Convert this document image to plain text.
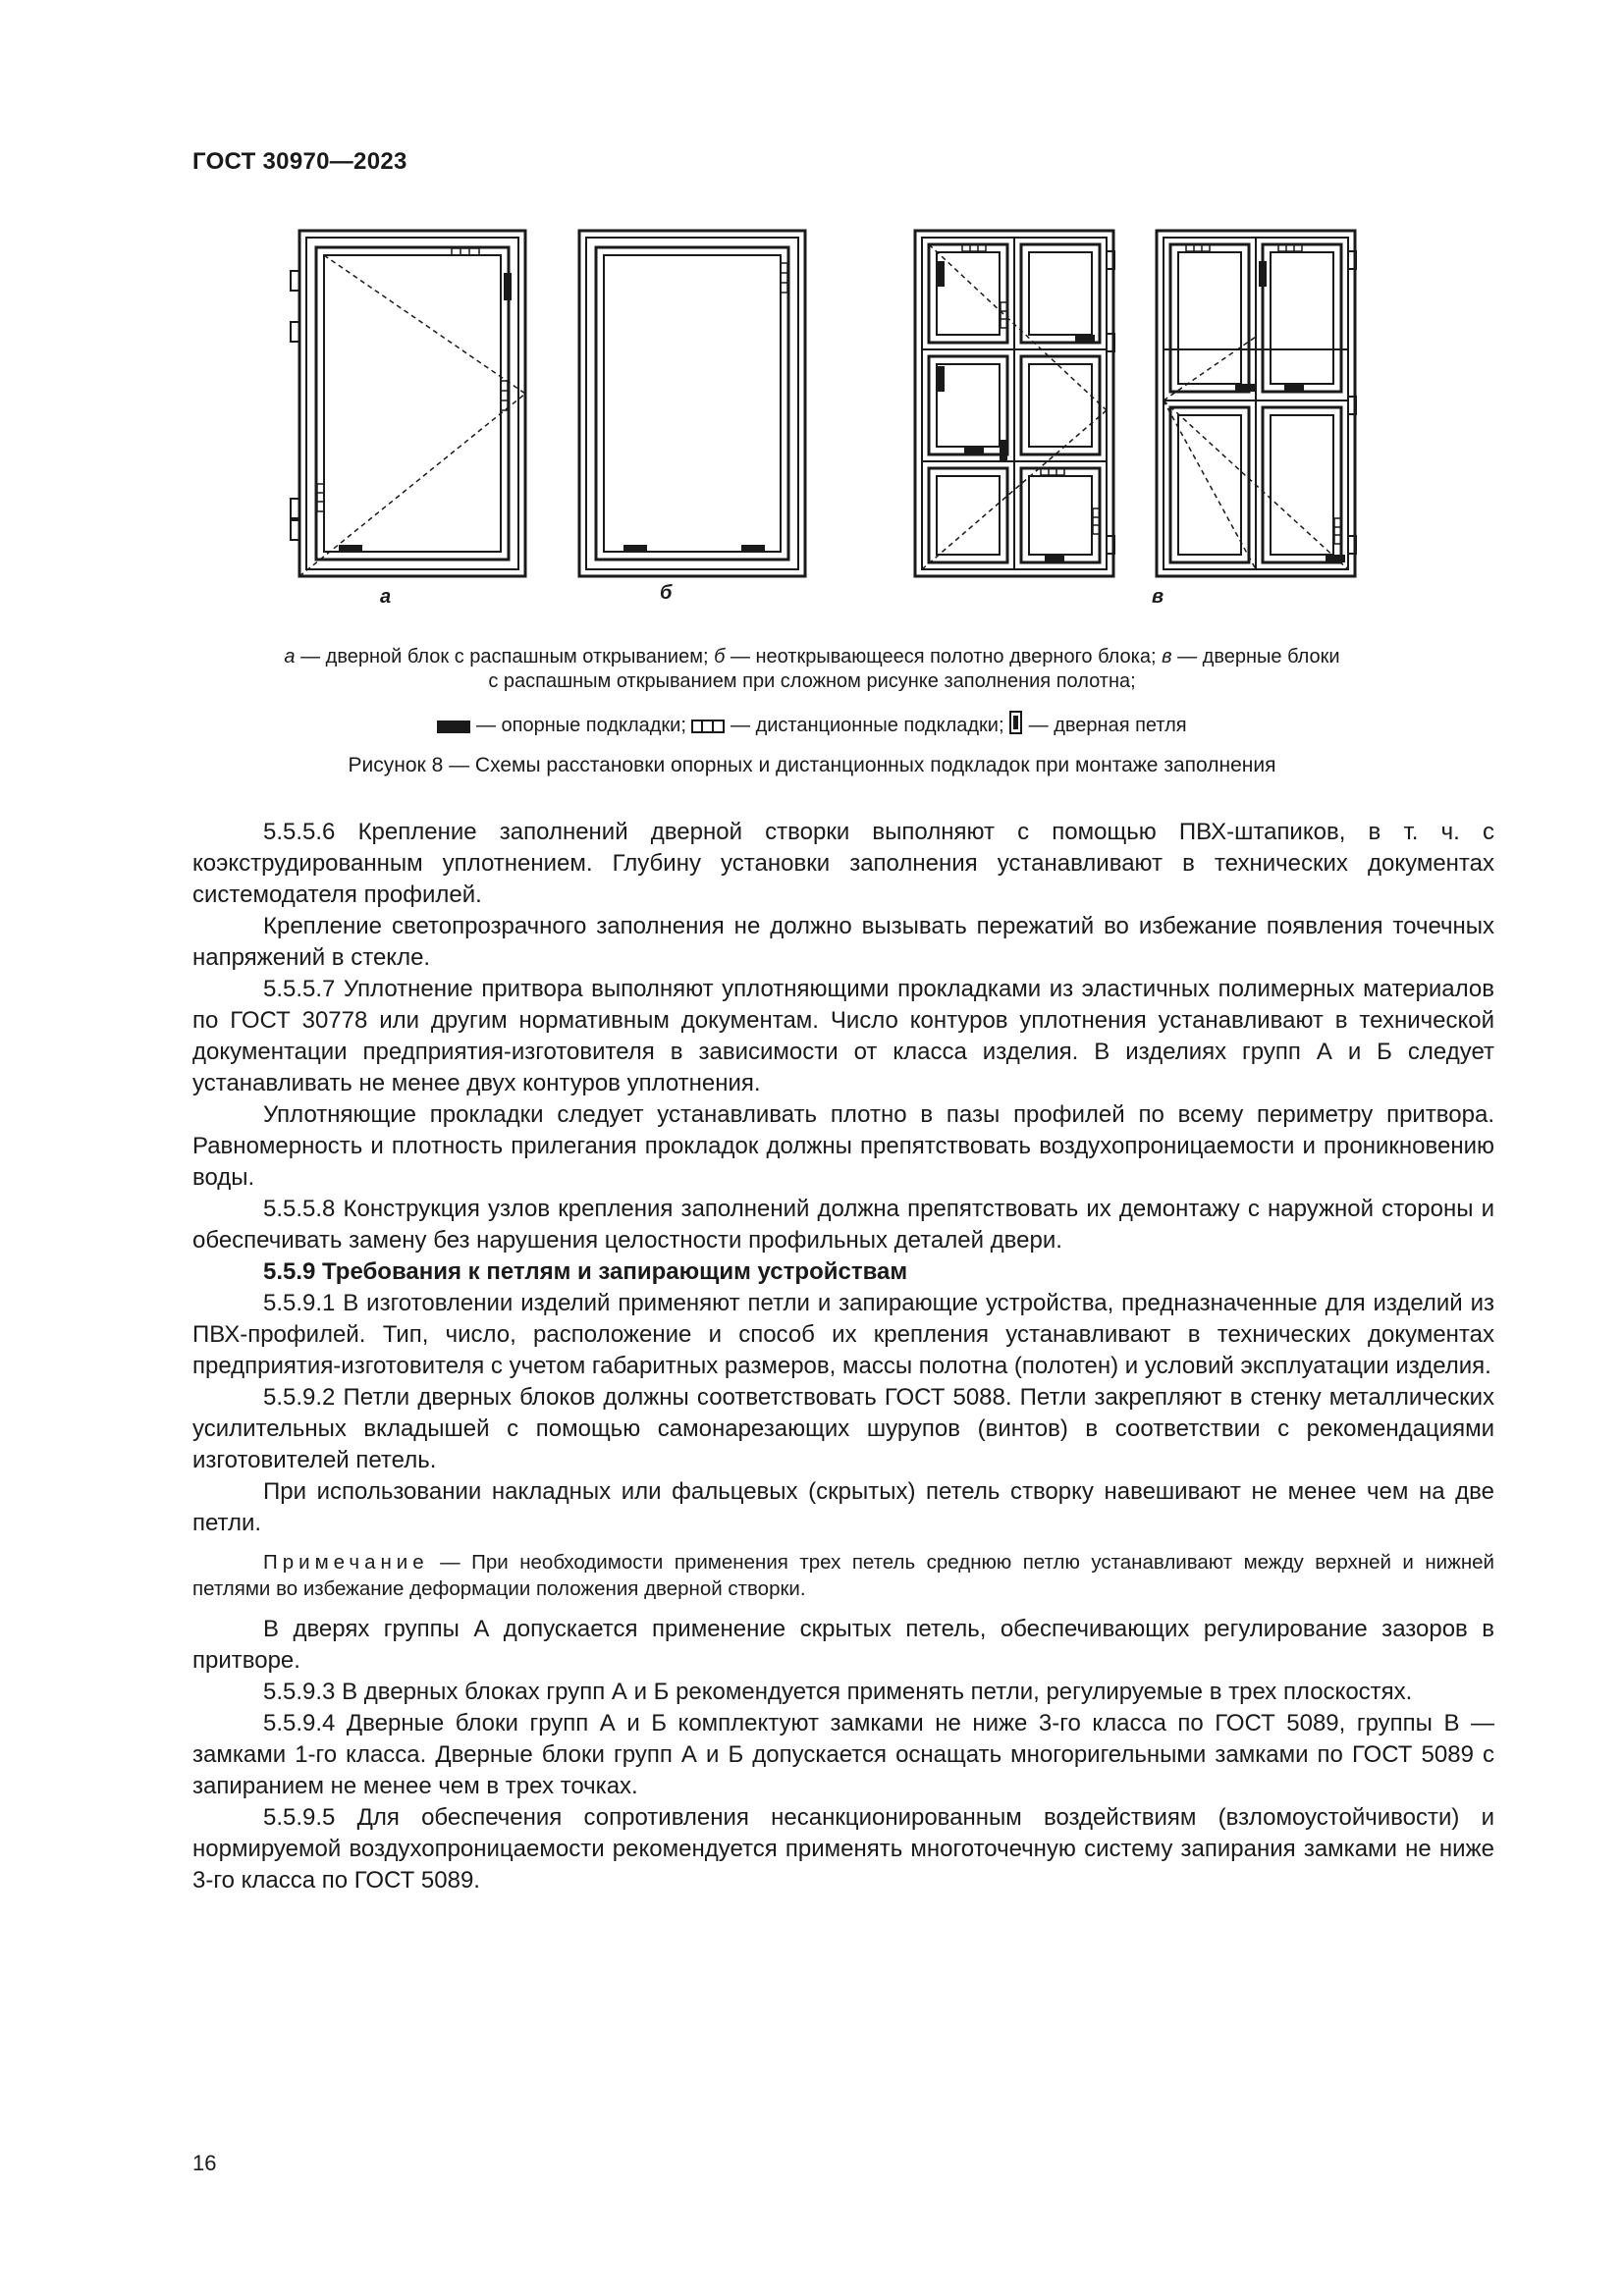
ГОСТ 30970—2023
а	б	в
а — дверной блок с распашным открыванием; б — неоткрывающееся полотно дверного блока; в — дверные блоки
с распашным открыванием при сложном рисунке заполнения полотна;
— опорные подкладки;  — дистанционные подкладки;  — дверная петля
Рисунок 8 — Схемы расстановки опорных и дистанционных подкладок при монтаже заполнения

5.5.5.6 Крепление заполнений дверной створки выполняют с помощью ПВХ-штапиков, в т. ч. с коэкструдированным уплотнением. Глубину установки заполнения устанавливают в технических документах системодателя профилей.

Крепление светопрозрачного заполнения не должно вызывать пережатий во избежание появления точечных напряжений в стекле.

5.5.5.7 Уплотнение притвора выполняют уплотняющими прокладками из эластичных полимерных материалов по ГОСТ 30778 или другим нормативным документам. Число контуров уплотнения устанавливают в технической документации предприятия-изготовителя в зависимости от класса изделия. В изделиях групп А и Б следует устанавливать не менее двух контуров уплотнения.

Уплотняющие прокладки следует устанавливать плотно в пазы профилей по всему периметру притвора. Равномерность и плотность прилегания прокладок должны препятствовать воздухопроницаемости и проникновению воды.

5.5.5.8 Конструкция узлов крепления заполнений должна препятствовать их демонтажу с наружной стороны и обеспечивать замену без нарушения целостности профильных деталей двери.

5.5.9 Требования к петлям и запирающим устройствам

5.5.9.1 В изготовлении изделий применяют петли и запирающие устройства, предназначенные для изделий из ПВХ-профилей. Тип, число, расположение и способ их крепления устанавливают в технических документах предприятия-изготовителя с учетом габаритных размеров, массы полотна (полотен) и условий эксплуатации изделия.

5.5.9.2 Петли дверных блоков должны соответствовать ГОСТ 5088. Петли закрепляют в стенку металлических усилительных вкладышей с помощью самонарезающих шурупов (винтов) в соответствии с рекомендациями изготовителей петель.

При использовании накладных или фальцевых (скрытых) петель створку навешивают не менее чем на две петли.

Примечание — При необходимости применения трех петель среднюю петлю устанавливают между верхней и нижней петлями во избежание деформации положения дверной створки.

В дверях группы А допускается применение скрытых петель, обеспечивающих регулирование зазоров в притворе.

5.5.9.3 В дверных блоках групп А и Б рекомендуется применять петли, регулируемые в трех плоскостях.

5.5.9.4 Дверные блоки групп А и Б комплектуют замками не ниже 3-го класса по ГОСТ 5089, группы В — замками 1-го класса. Дверные блоки групп А и Б допускается оснащать многоригельными замками по ГОСТ 5089 с запиранием не менее чем в трех точках.

5.5.9.5 Для обеспечения сопротивления несанкционированным воздействиям (взломоустойчивости) и нормируемой воздухопроницаемости рекомендуется применять многоточечную систему запирания замками не ниже 3-го класса по ГОСТ 5089.

16
